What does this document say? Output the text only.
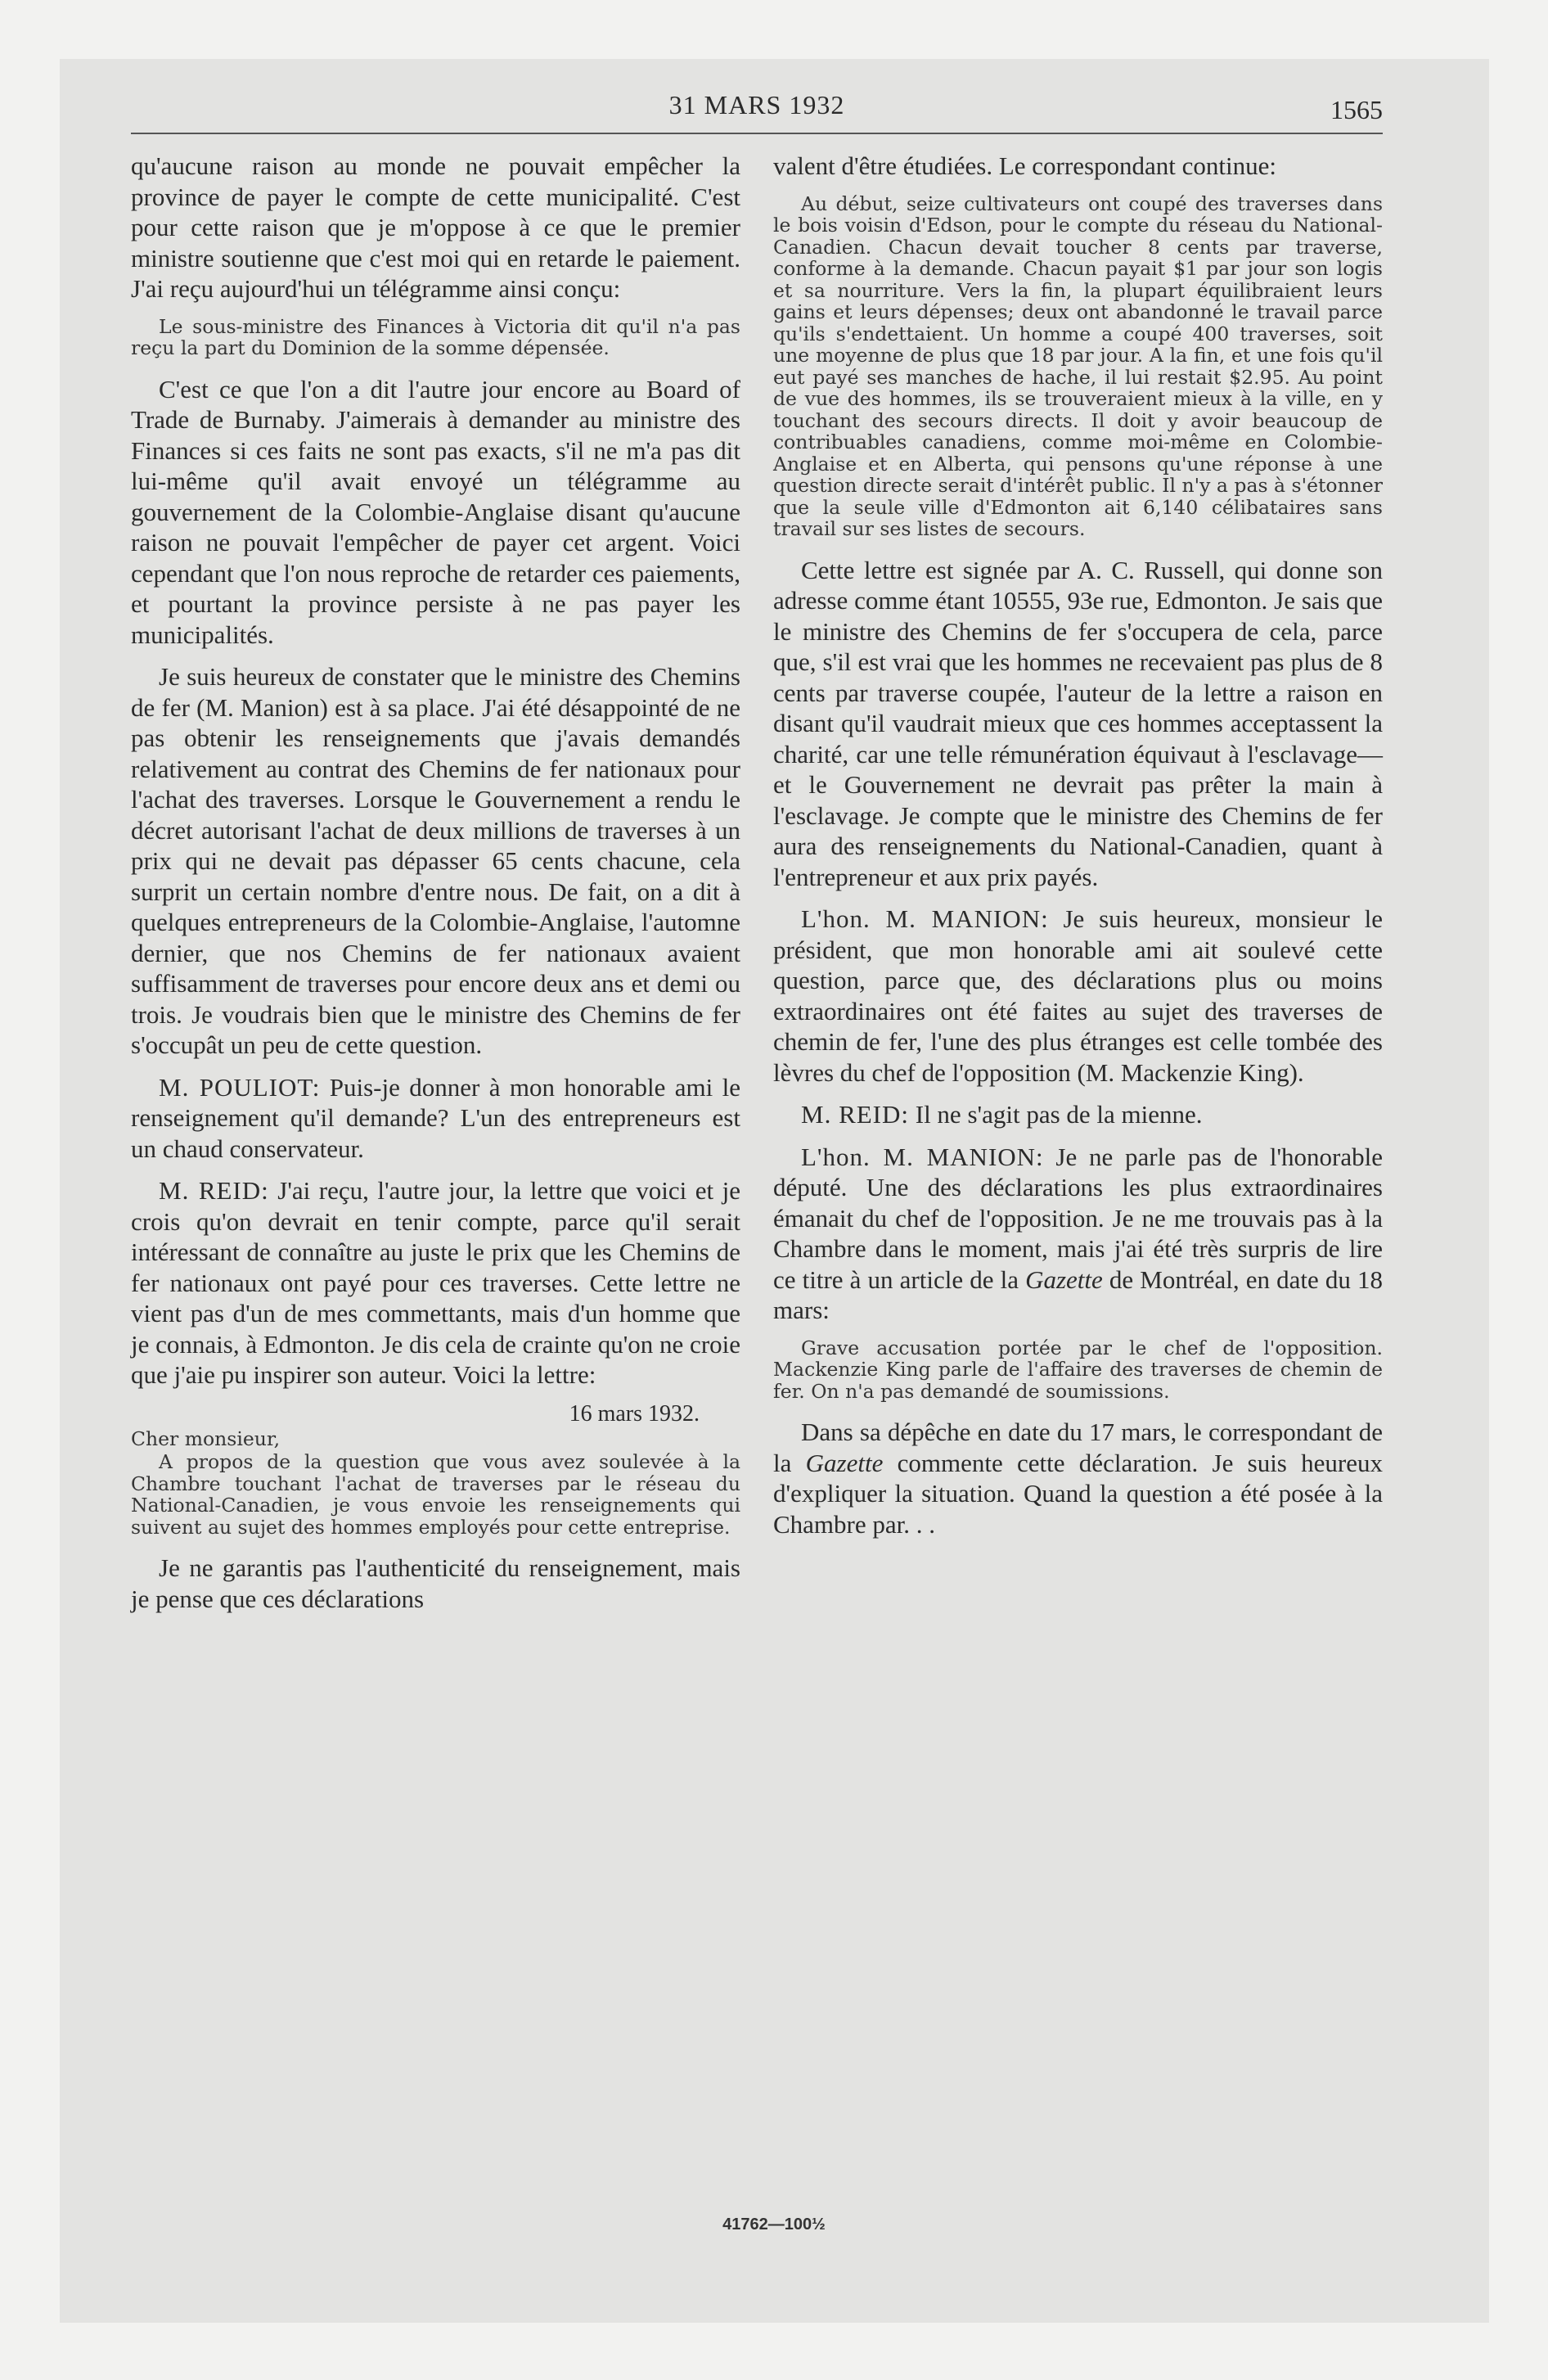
31 MARS 1932	1565

qu'aucune raison au monde ne pouvait empêcher la province de payer le compte de cette municipalité. C'est pour cette raison que je m'oppose à ce que le premier ministre soutienne que c'est moi qui en retarde le paiement. J'ai reçu aujourd'hui un télégramme ainsi conçu:

Le sous-ministre des Finances à Victoria dit qu'il n'a pas reçu la part du Dominion de la somme dépensée.

C'est ce que l'on a dit l'autre jour encore au Board of Trade de Burnaby. J'aimerais à demander au ministre des Finances si ces faits ne sont pas exacts, s'il ne m'a pas dit lui-même qu'il avait envoyé un télégramme au gouvernement de la Colombie-Anglaise disant qu'aucune raison ne pouvait l'empêcher de payer cet argent. Voici cependant que l'on nous reproche de retarder ces paiements, et pourtant la province persiste à ne pas payer les municipalités.

Je suis heureux de constater que le ministre des Chemins de fer (M. Manion) est à sa place. J'ai été désappointé de ne pas obtenir les renseignements que j'avais demandés relativement au contrat des Chemins de fer nationaux pour l'achat des traverses. Lorsque le Gouvernement a rendu le décret autorisant l'achat de deux millions de traverses à un prix qui ne devait pas dépasser 65 cents chacune, cela surprit un certain nombre d'entre nous. De fait, on a dit à quelques entrepreneurs de la Colombie-Anglaise, l'automne dernier, que nos Chemins de fer nationaux avaient suffisamment de traverses pour encore deux ans et demi ou trois. Je voudrais bien que le ministre des Chemins de fer s'occupât un peu de cette question.

M. POULIOT: Puis-je donner à mon honorable ami le renseignement qu'il demande? L'un des entrepreneurs est un chaud conservateur.

M. REID: J'ai reçu, l'autre jour, la lettre que voici et je crois qu'on devrait en tenir compte, parce qu'il serait intéressant de connaître au juste le prix que les Chemins de fer nationaux ont payé pour ces traverses. Cette lettre ne vient pas d'un de mes commettants, mais d'un homme que je connais, à Edmonton. Je dis cela de crainte qu'on ne croie que j'aie pu inspirer son auteur. Voici la lettre:

16 mars 1932.

Cher monsieur,

A propos de la question que vous avez soulevée à la Chambre touchant l'achat de traverses par le réseau du National-Canadien, je vous envoie les renseignements qui suivent au sujet des hommes employés pour cette entreprise.

Je ne garantis pas l'authenticité du renseignement, mais je pense que ces déclarations

valent d'être étudiées. Le correspondant continue:

Au début, seize cultivateurs ont coupé des traverses dans le bois voisin d'Edson, pour le compte du réseau du National-Canadien. Chacun devait toucher 8 cents par traverse, conforme à la demande. Chacun payait $1 par jour son logis et sa nourriture. Vers la fin, la plupart équilibraient leurs gains et leurs dépenses; deux ont abandonné le travail parce qu'ils s'endettaient. Un homme a coupé 400 traverses, soit une moyenne de plus que 18 par jour. A la fin, et une fois qu'il eut payé ses manches de hache, il lui restait $2.95. Au point de vue des hommes, ils se trouveraient mieux à la ville, en y touchant des secours directs. Il doit y avoir beaucoup de contribuables canadiens, comme moi-même en Colombie-Anglaise et en Alberta, qui pensons qu'une réponse à une question directe serait d'intérêt public. Il n'y a pas à s'étonner que la seule ville d'Edmonton ait 6,140 célibataires sans travail sur ses listes de secours.

Cette lettre est signée par A. C. Russell, qui donne son adresse comme étant 10555, 93e rue, Edmonton. Je sais que le ministre des Chemins de fer s'occupera de cela, parce que, s'il est vrai que les hommes ne recevaient pas plus de 8 cents par traverse coupée, l'auteur de la lettre a raison en disant qu'il vaudrait mieux que ces hommes acceptassent la charité, car une telle rémunération équivaut à l'esclavage—et le Gouvernement ne devrait pas prêter la main à l'esclavage. Je compte que le ministre des Chemins de fer aura des renseignements du National-Canadien, quant à l'entrepreneur et aux prix payés.

L'hon. M. MANION: Je suis heureux, monsieur le président, que mon honorable ami ait soulevé cette question, parce que, des déclarations plus ou moins extraordinaires ont été faites au sujet des traverses de chemin de fer, l'une des plus étranges est celle tombée des lèvres du chef de l'opposition (M. Mackenzie King).

M. REID: Il ne s'agit pas de la mienne.

L'hon. M. MANION: Je ne parle pas de l'honorable député. Une des déclarations les plus extraordinaires émanait du chef de l'opposition. Je ne me trouvais pas à la Chambre dans le moment, mais j'ai été très surpris de lire ce titre à un article de la Gazette de Montréal, en date du 18 mars:

Grave accusation portée par le chef de l'opposition. Mackenzie King parle de l'affaire des traverses de chemin de fer. On n'a pas demandé de soumissions.

Dans sa dépêche en date du 17 mars, le correspondant de la Gazette commente cette déclaration. Je suis heureux d'expliquer la situation. Quand la question a été posée à la Chambre par. . .

41762—100½
